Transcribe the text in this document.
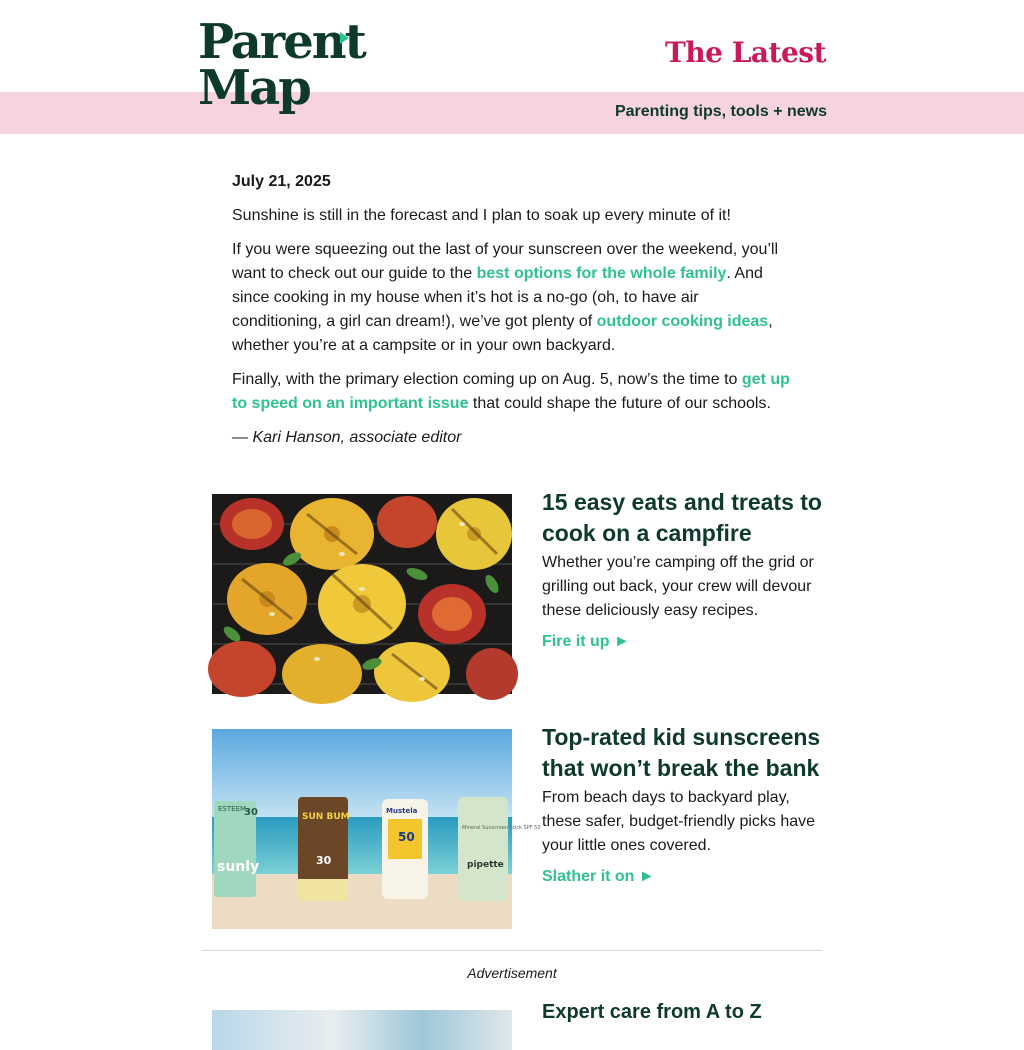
Parent
Map
The Latest
Parenting tips, tools + news

July 21, 2025

Sunshine is still in the forecast and I plan to soak up every minute of it!

If you were squeezing out the last of your sunscreen over the weekend, you’ll want to check out our guide to the best options for the whole family. And since cooking in my house when it’s hot is a no-go (oh, to have air conditioning, a girl can dream!), we’ve got plenty of outdoor cooking ideas, whether you’re at a campsite or in your own backyard.

Finally, with the primary election coming up on Aug. 5, now’s the time to get up to speed on an important issue that could shape the future of our schools.

— Kari Hanson, associate editor

15 easy eats and treats to cook on a campfire

Whether you’re camping off the grid or grilling out back, your crew will devour these deliciously easy recipes.

Fire it up ►
ESTEEM
30
sunly
SUN BUM
30
Mustela
50
Mineral Sunscreen Stick SPF 50
pipette
Top-rated kid sunscreens that won’t break the bank

From beach days to backyard play, these safer, budget-friendly picks have your little ones covered.

Slather it on ►
Advertisement
Expert care from A to Z
